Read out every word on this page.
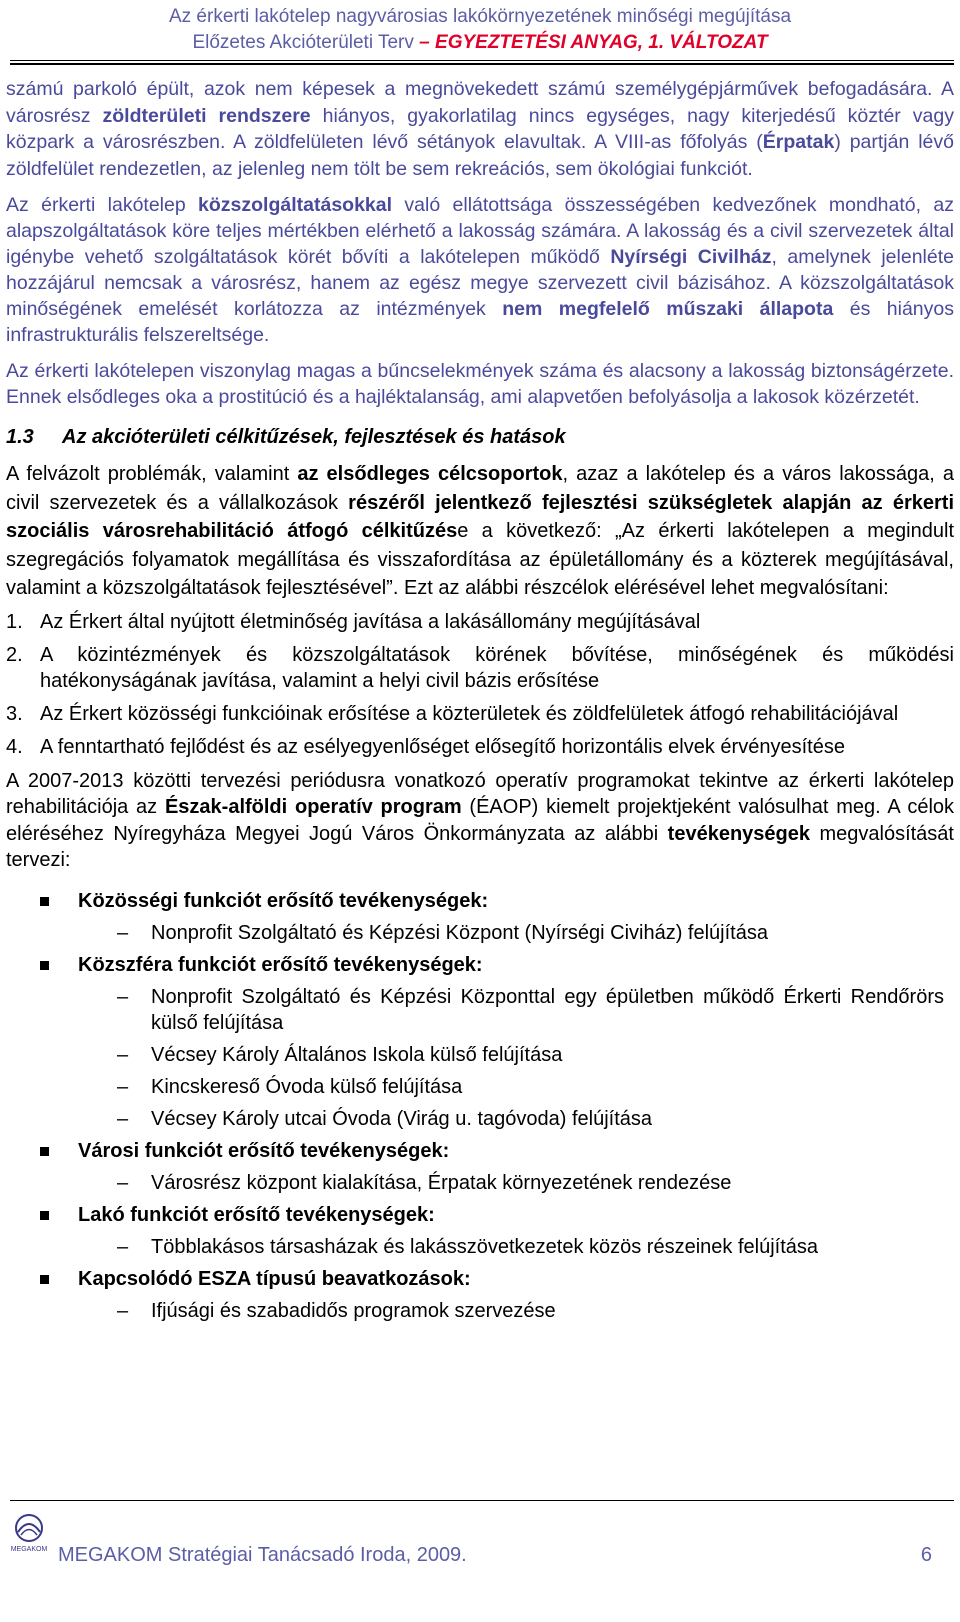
Az érkerti lakótelep nagyvárosias lakókörnyezetének minőségi megújítása
Előzetes Akcióterületi Terv – EGYEZTETÉSI ANYAG, 1. VÁLTOZAT

számú parkoló épült, azok nem képesek a megnövekedett számú személygépjárművek befogadására. A városrész zöldterületi rendszere hiányos, gyakorlatilag nincs egységes, nagy kiterjedésű köztér vagy közpark a városrészben. A zöldfelületen lévő sétányok elavultak. A VIII-as főfolyás (Érpatak) partján lévő zöldfelület rendezetlen, az jelenleg nem tölt be sem rekreációs, sem ökológiai funkciót.

Az érkerti lakótelep közszolgáltatásokkal való ellátottsága összességében kedvezőnek mondható, az alapszolgáltatások köre teljes mértékben elérhető a lakosság számára. A lakosság és a civil szervezetek által igénybe vehető szolgáltatások körét bővíti a lakótelepen működő Nyírségi Civilház, amelynek jelenléte hozzájárul nemcsak a városrész, hanem az egész megye szervezett civil bázisához. A közszolgáltatások minőségének emelését korlátozza az intézmények nem megfelelő műszaki állapota és hiányos infrastrukturális felszereltsége.

Az érkerti lakótelepen viszonylag magas a bűncselekmények száma és alacsony a lakosság biztonságérzete. Ennek elsődleges oka a prostitúció és a hajléktalanság, ami alapvetően befolyásolja a lakosok közérzetét.

1.3 Az akcióterületi célkitűzések, fejlesztések és hatások

A felvázolt problémák, valamint az elsődleges célcsoportok, azaz a lakótelep és a város lakossága, a civil szervezetek és a vállalkozások részéről jelentkező fejlesztési szükségletek alapján az érkerti szociális városrehabilitáció átfogó célkitűzése a következő: „Az érkerti lakótelepen a megindult szegregációs folyamatok megállítása és visszafordítása az épületállomány és a közterek megújításával, valamint a közszolgáltatások fejlesztésével”. Ezt az alábbi részcélok elérésével lehet megvalósítani:

1. Az Érkert által nyújtott életminőség javítása a lakásállomány megújításával
2. A közintézmények és közszolgáltatások körének bővítése, minőségének és működési hatékonyságának javítása, valamint a helyi civil bázis erősítése
3. Az Érkert közösségi funkcióinak erősítése a közterületek és zöldfelületek átfogó rehabilitációjával
4. A fenntartható fejlődést és az esélyegyenlőséget elősegítő horizontális elvek érvényesítése

A 2007-2013 közötti tervezési periódusra vonatkozó operatív programokat tekintve az érkerti lakótelep rehabilitációja az Észak-alföldi operatív program (ÉAOP) kiemelt projektjeként valósulhat meg. A célok eléréséhez Nyíregyháza Megyei Jogú Város Önkormányzata az alábbi tevékenységek megvalósítását tervezi:

Közösségi funkciót erősítő tevékenységek:
– Nonprofit Szolgáltató és Képzési Központ (Nyírségi Civiház) felújítása
Közszféra funkciót erősítő tevékenységek:
– Nonprofit Szolgáltató és Képzési Központtal egy épületben működő Érkerti Rendőrörs külső felújítása
– Vécsey Károly Általános Iskola külső felújítása
– Kincskereső Óvoda külső felújítása
– Vécsey Károly utcai Óvoda (Virág u. tagóvoda) felújítása
Városi funkciót erősítő tevékenységek:
– Városrész központ kialakítása, Érpatak környezetének rendezése
Lakó funkciót erősítő tevékenységek:
– Többlakásos társasházak és lakásszövetkezetek közös részeinek felújítása
Kapcsolódó ESZA típusú beavatkozások:
– Ifjúsági és szabadidős programok szervezése
MEGAKOM MEGAKOM Stratégiai Tanácsadó Iroda, 2009.	6
